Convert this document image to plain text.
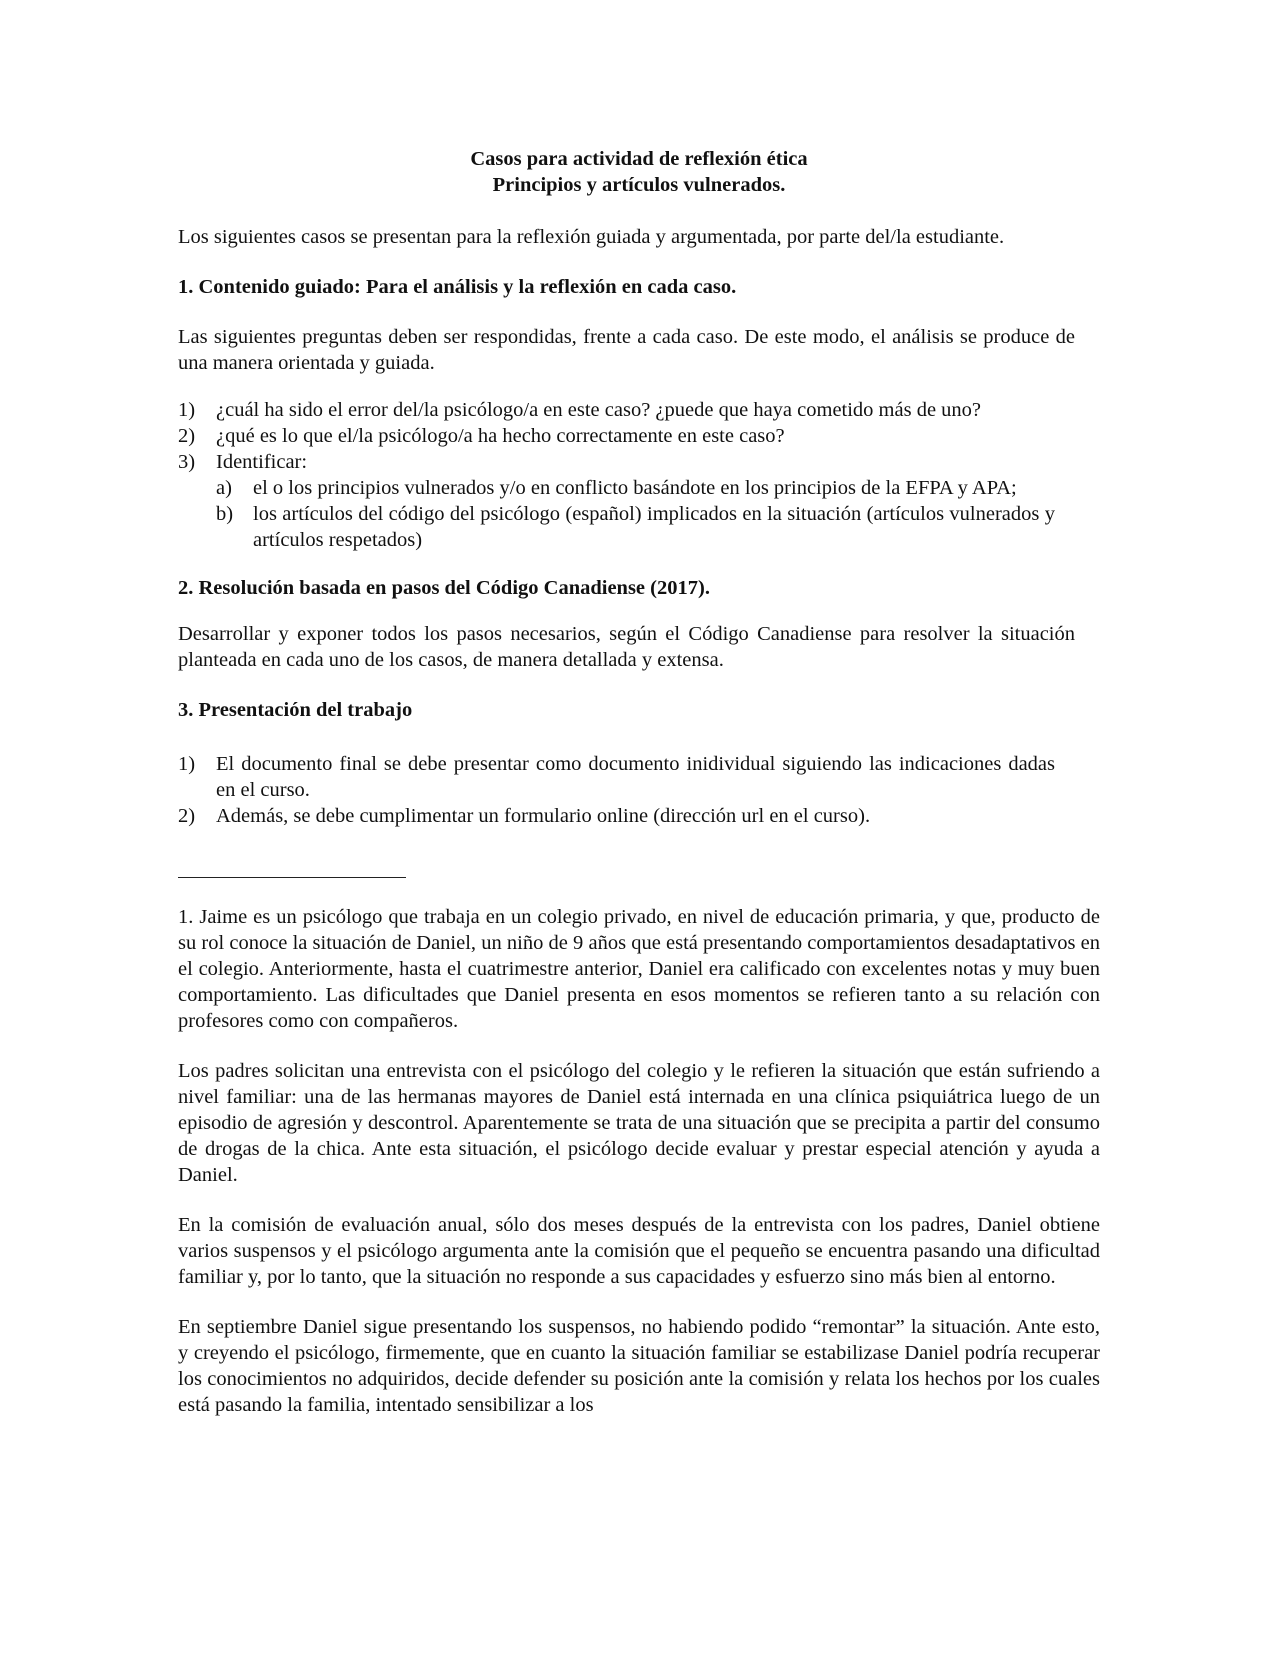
Casos para actividad de reflexión ética
Principios y artículos vulnerados.

Los siguientes casos se presentan para la reflexión guiada y argumentada, por parte del/la estudiante.

1. Contenido guiado: Para el análisis y la reflexión en cada caso.

Las siguientes preguntas deben ser respondidas, frente a cada caso. De este modo, el análisis se produce de una manera orientada y guiada.

1) ¿cuál ha sido el error del/la psicólogo/a en este caso? ¿puede que haya cometido más de uno?
2) ¿qué es lo que el/la psicólogo/a ha hecho correctamente en este caso?
3) Identificar:
a) el o los principios vulnerados y/o en conflicto basándote en los principios de la EFPA y APA;
b) los artículos del código del psicólogo (español) implicados en la situación (artículos vulnerados y artículos respetados)
2. Resolución basada en pasos del Código Canadiense (2017).

Desarrollar y exponer todos los pasos necesarios, según el Código Canadiense para resolver la situación planteada en cada uno de los casos, de manera detallada y extensa.

3. Presentación del trabajo
1) El documento final se debe presentar como documento inidividual siguiendo las indicaciones dadas en el curso.
2) Además, se debe cumplimentar un formulario online (dirección url en el curso).

1. Jaime es un psicólogo que trabaja en un colegio privado, en nivel de educación primaria, y que, producto de su rol conoce la situación de Daniel, un niño de 9 años que está presentando comportamientos desadaptativos en el colegio. Anteriormente, hasta el cuatrimestre anterior, Daniel era calificado con excelentes notas y muy buen comportamiento. Las dificultades que Daniel presenta en esos momentos se refieren tanto a su relación con profesores como con compañeros.

Los padres solicitan una entrevista con el psicólogo del colegio y le refieren la situación que están sufriendo a nivel familiar: una de las hermanas mayores de Daniel está internada en una clínica psiquiátrica luego de un episodio de agresión y descontrol. Aparentemente se trata de una situación que se precipita a partir del consumo de drogas de la chica. Ante esta situación, el psicólogo decide evaluar y prestar especial atención y ayuda a Daniel.

En la comisión de evaluación anual, sólo dos meses después de la entrevista con los padres, Daniel obtiene varios suspensos y el psicólogo argumenta ante la comisión que el pequeño se encuentra pasando una dificultad familiar y, por lo tanto, que la situación no responde a sus capacidades y esfuerzo sino más bien al entorno.

En septiembre Daniel sigue presentando los suspensos, no habiendo podido “remontar” la situación. Ante esto, y creyendo el psicólogo, firmemente, que en cuanto la situación familiar se estabilizase Daniel podría recuperar los conocimientos no adquiridos, decide defender su posición ante la comisión y relata los hechos por los cuales está pasando la familia, intentado sensibilizar a los
